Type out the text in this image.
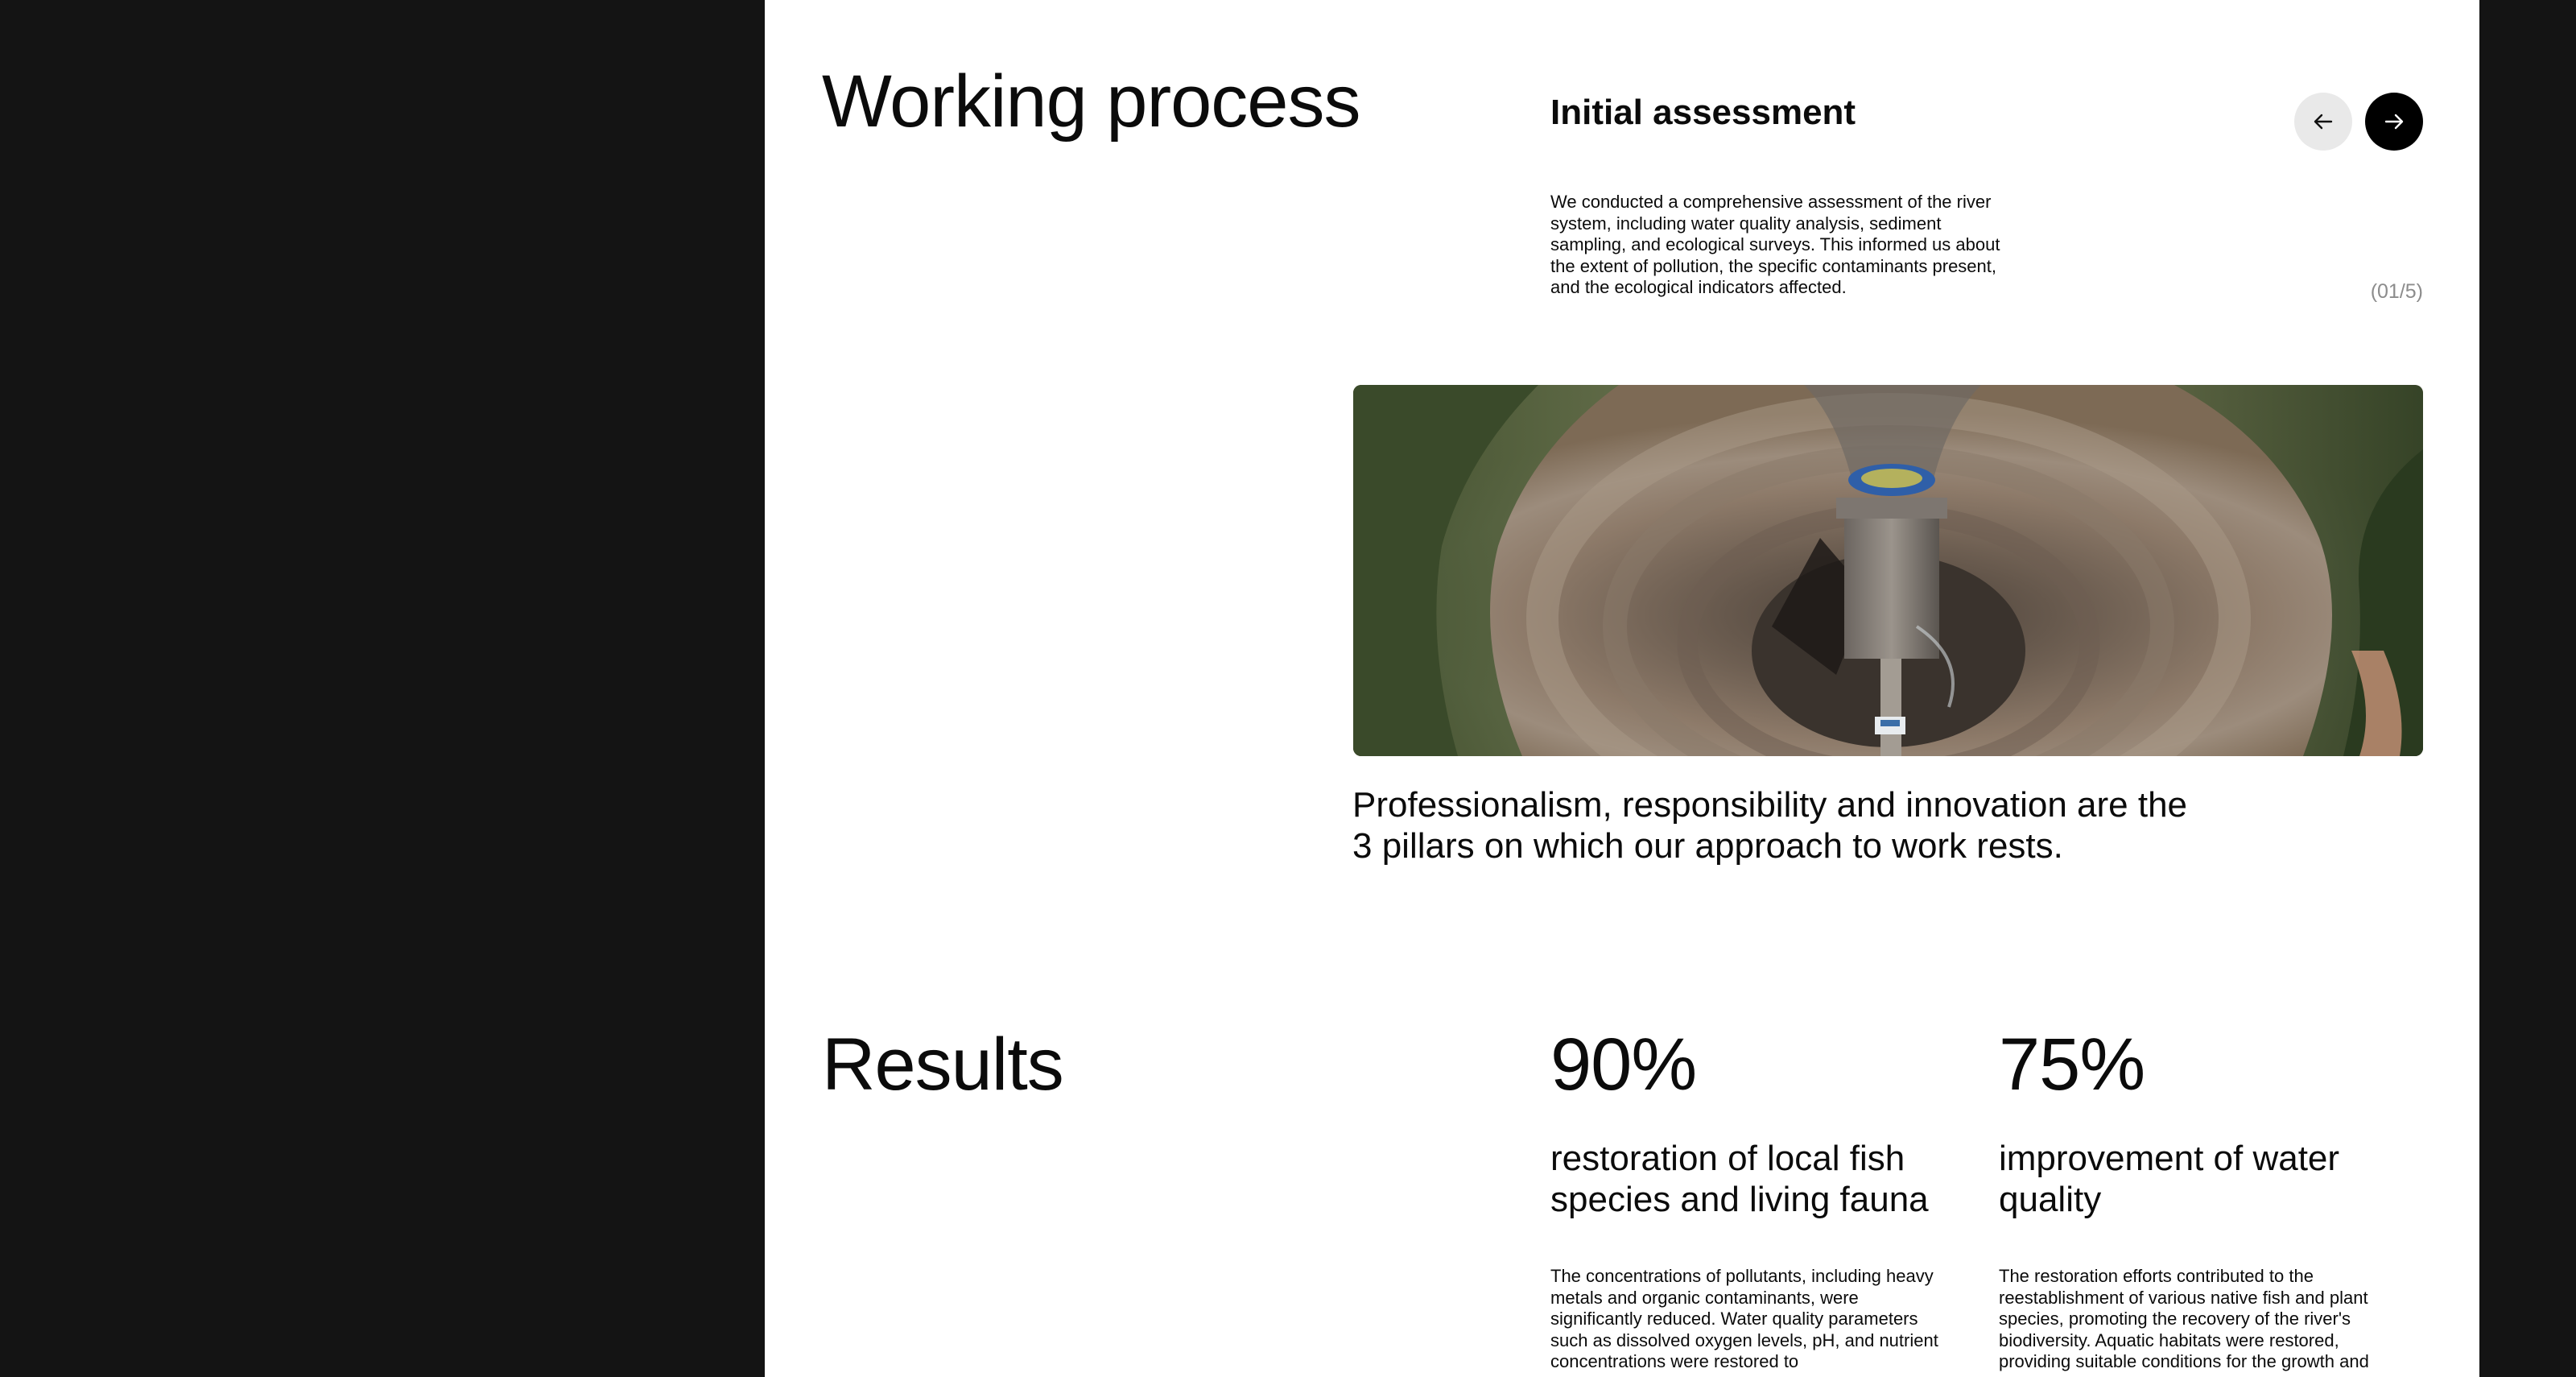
Working process	Initial assessment

We conducted a comprehensive assessment of the river system, including water quality analysis, sediment sampling, and ecological surveys. This informed us about the extent of pollution, the specific contaminants present, and the ecological indicators affected.	(01/5)

Professionalism, responsibility and innovation are the 3 pillars on which our approach to work rests.

Results	90%
restoration of local fish species and living fauna

The concentrations of pollutants, including heavy metals and organic contaminants, were significantly reduced. Water quality parameters such as dissolved oxygen levels, pH, and nutrient concentrations were restored to

75%
improvement of water quality

The restoration efforts contributed to the reestablishment of various native fish and plant species, promoting the recovery of the river's biodiversity. Aquatic habitats were restored, providing suitable conditions for the growth and
